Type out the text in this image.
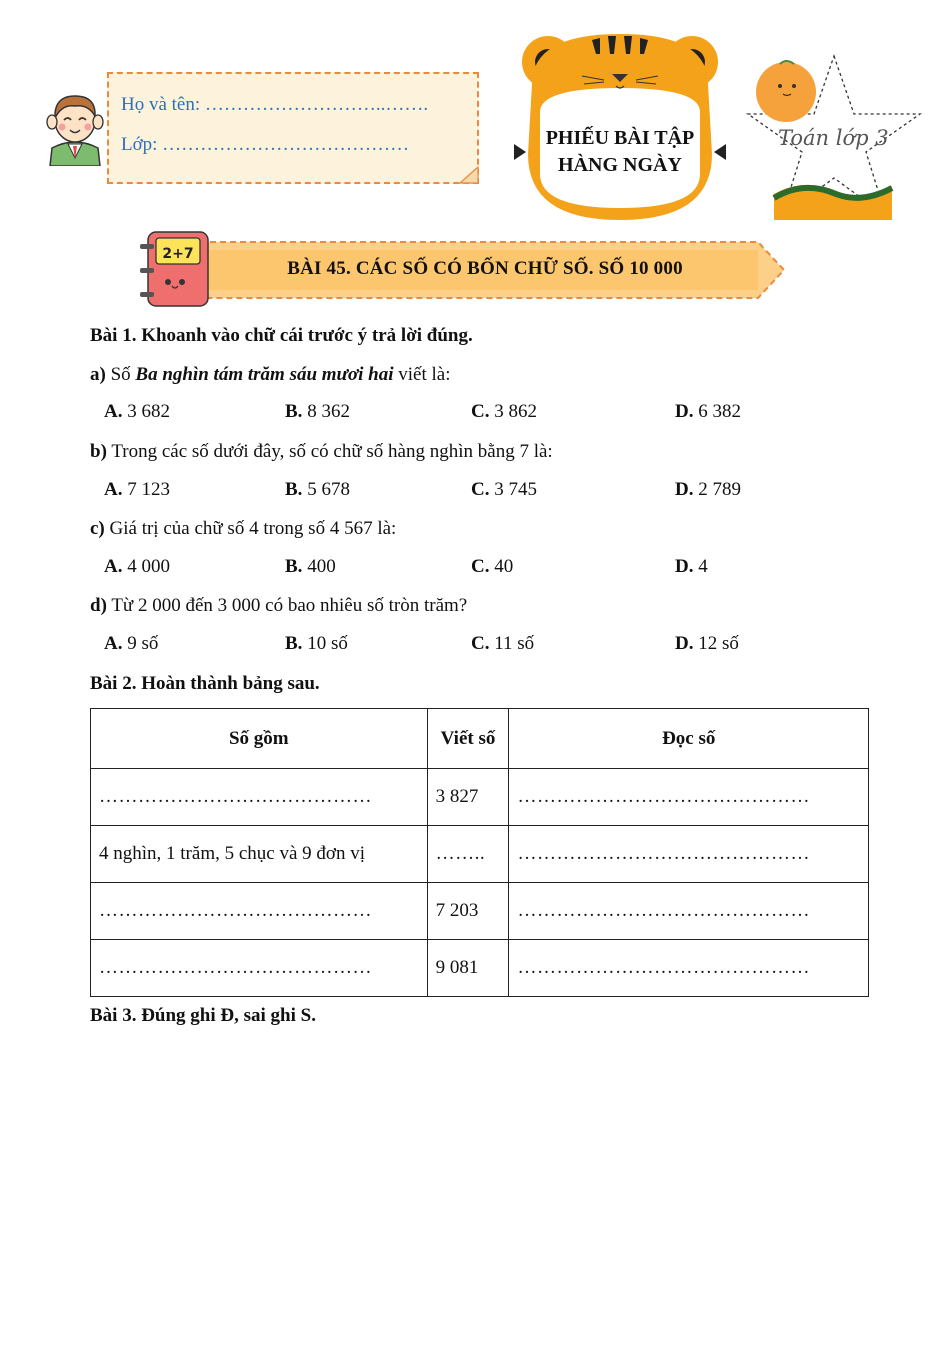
Họ và tên: ………………………..…….
Lớp: …………………………………	PHIẾU BÀI TẬP
HÀNG NGÀY
Toán lớp 3
2+7
BÀI 45. CÁC SỐ CÓ BỐN CHỮ SỐ. SỐ 10 000
Bài 1. Khoanh vào chữ cái trước ý trả lời đúng.
a) Số Ba nghìn tám trăm sáu mươi hai viết là:
A. 3 682	B. 8 362	C. 3 862	D. 6 382
b) Trong các số dưới đây, số có chữ số hàng nghìn bằng 7 là:
A. 7 123	B. 5 678	C. 3 745	D. 2 789
c) Giá trị của chữ số 4 trong số 4 567 là:
A. 4 000	B. 400	C. 40	D. 4
d) Từ 2 000 đến 3 000 có bao nhiêu số tròn trăm?
A. 9 số	B. 10 số	C. 11 số	D. 12 số
Bài 2. Hoàn thành bảng sau.
Số gồm	Viết số	Đọc số
……………………………………	3 827	………………………………………
4 nghìn, 1 trăm, 5 chục và 9 đơn vị	……..	………………………………………
……………………………………	7 203	………………………………………
……………………………………	9 081	………………………………………
Bài 3. Đúng ghi Đ, sai ghi S.
